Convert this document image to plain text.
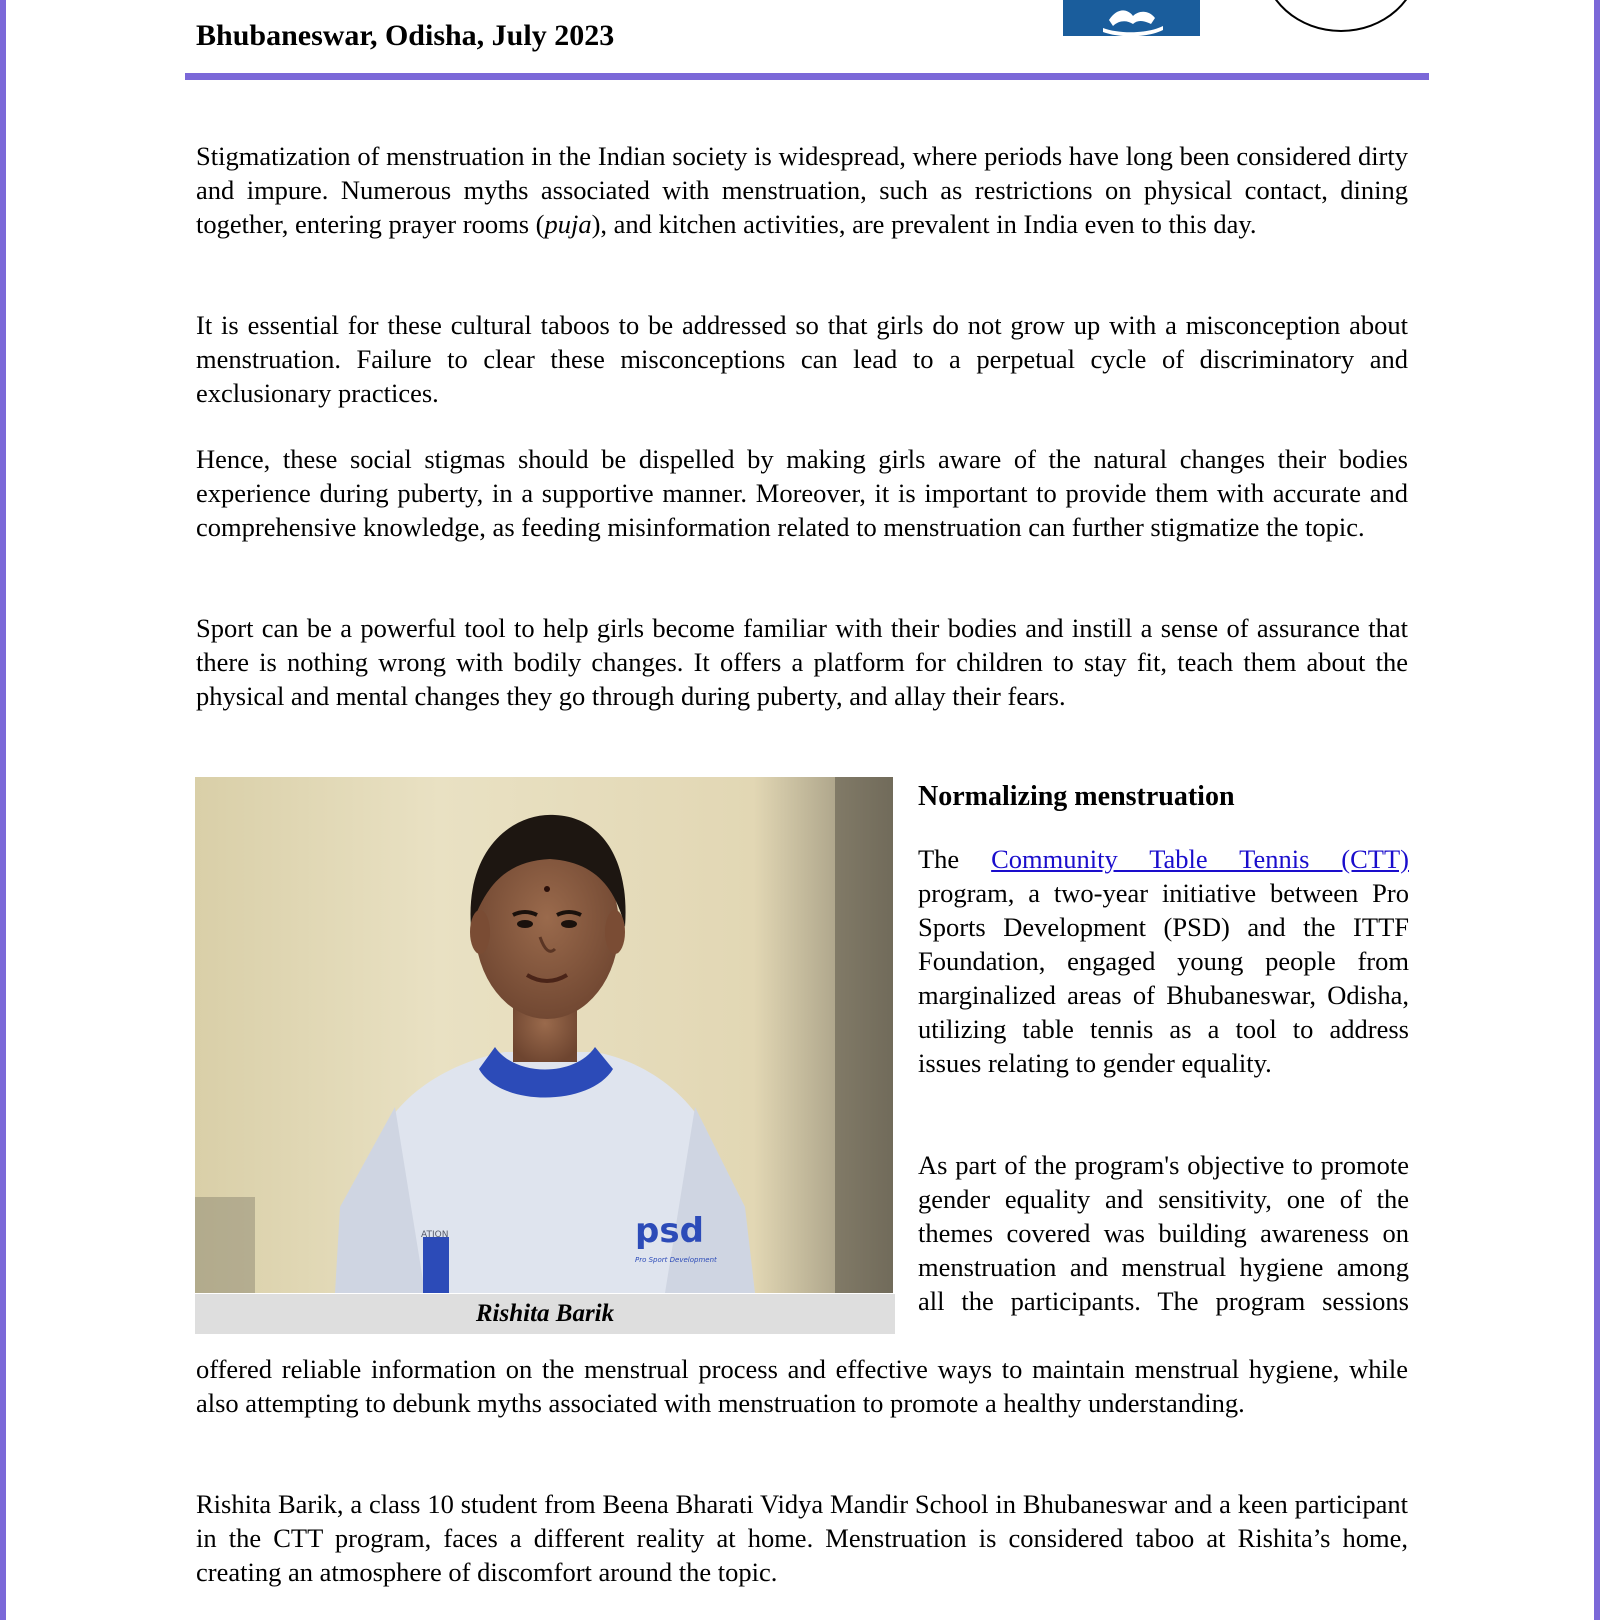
Bhubaneswar, Odisha, July 2023

Stigmatization of menstruation in the Indian society is widespread, where periods have long been considered dirty and impure. Numerous myths associated with menstruation, such as restrictions on physical contact, dining together, entering prayer rooms (puja), and kitchen activities, are prevalent in India even to this day.

It is essential for these cultural taboos to be addressed so that girls do not grow up with a misconception about menstruation. Failure to clear these misconceptions can lead to a perpetual cycle of discriminatory and exclusionary practices.

Hence, these social stigmas should be dispelled by making girls aware of the natural changes their bodies experience during puberty, in a supportive manner. Moreover, it is important to provide them with accurate and comprehensive knowledge, as feeding misinformation related to menstruation can further stigmatize the topic.

Sport can be a powerful tool to help girls become familiar with their bodies and instill a sense of assurance that there is nothing wrong with bodily changes. It offers a platform for children to stay fit, teach them about the physical and mental changes they go through during puberty, and allay their fears.

psd
Pro Sport Development
ATION
Rishita Barik
Normalizing menstruation

The Community Table Tennis (CTT) program, a two-year initiative between Pro Sports Development (PSD) and the ITTF Foundation, engaged young people from marginalized areas of Bhubaneswar, Odisha, utilizing table tennis as a tool to address issues relating to gender equality.

As part of the program's objective to promote gender equality and sensitivity, one of the themes covered was building awareness on menstruation and menstrual hygiene among all the participants. The program sessions

offered reliable information on the menstrual process and effective ways to maintain menstrual hygiene, while also attempting to debunk myths associated with menstruation to promote a healthy understanding.

Rishita Barik, a class 10 student from Beena Bharati Vidya Mandir School in Bhubaneswar and a keen participant in the CTT program, faces a different reality at home. Menstruation is considered taboo at Rishita’s home, creating an atmosphere of discomfort around the topic.
